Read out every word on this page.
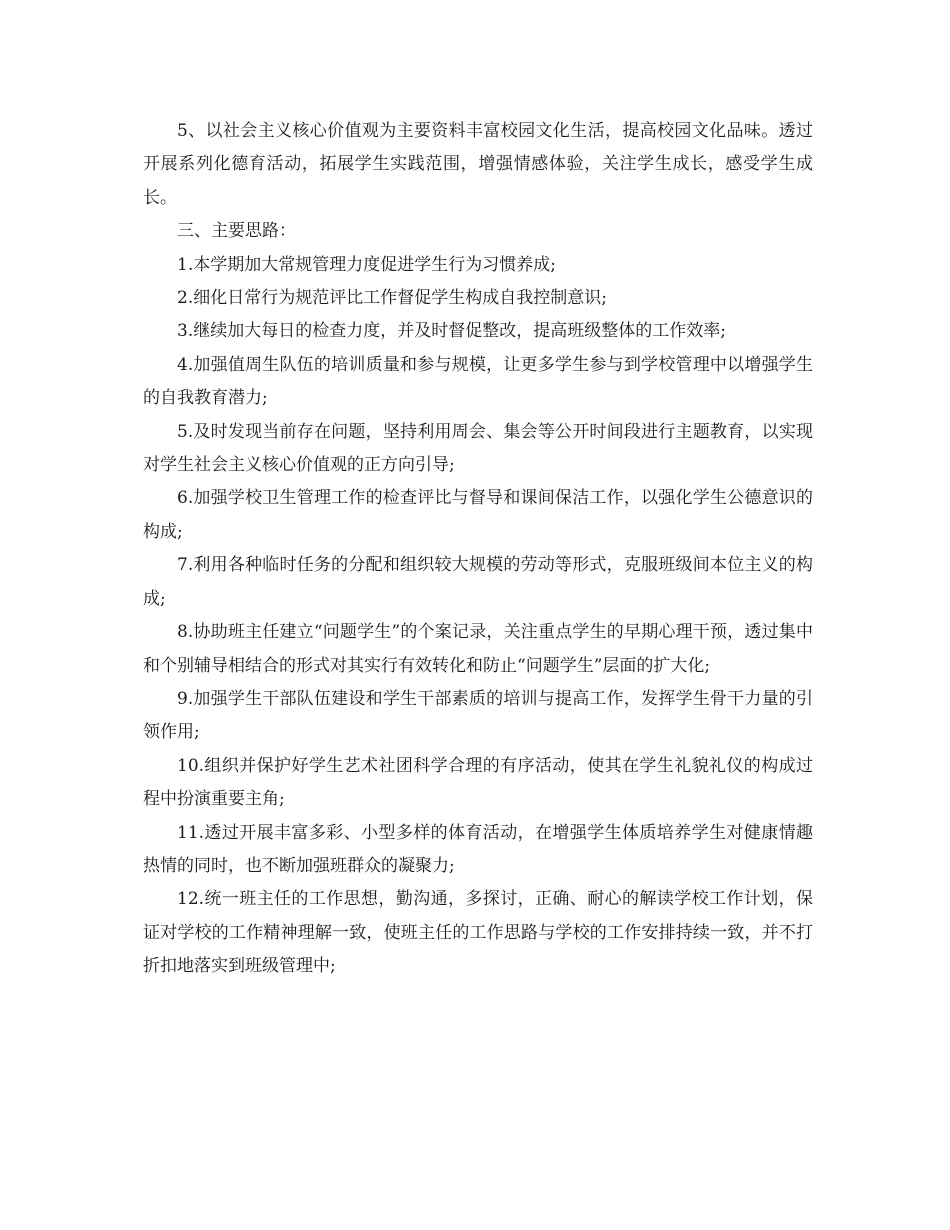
5、以社会主义核心价值观为主要资料丰富校园文化生活，提高校园文化品味。透过开展系列化德育活动，拓展学生实践范围，增强情感体验，关注学生成长，感受学生成长。

三、主要思路：

1.本学期加大常规管理力度促进学生行为习惯养成;

2.细化日常行为规范评比工作督促学生构成自我控制意识;

3.继续加大每日的检查力度，并及时督促整改，提高班级整体的工作效率;

4.加强值周生队伍的培训质量和参与规模，让更多学生参与到学校管理中以增强学生的自我教育潜力;

5.及时发现当前存在问题，坚持利用周会、集会等公开时间段进行主题教育，以实现对学生社会主义核心价值观的正方向引导;

6.加强学校卫生管理工作的检查评比与督导和课间保洁工作，以强化学生公德意识的构成;

7.利用各种临时任务的分配和组织较大规模的劳动等形式，克服班级间本位主义的构成;

8.协助班主任建立“问题学生”的个案记录，关注重点学生的早期心理干预，透过集中和个别辅导相结合的形式对其实行有效转化和防止“问题学生”层面的扩大化;

9.加强学生干部队伍建设和学生干部素质的培训与提高工作，发挥学生骨干力量的引领作用;

10.组织并保护好学生艺术社团科学合理的有序活动，使其在学生礼貌礼仪的构成过程中扮演重要主角;

11.透过开展丰富多彩、小型多样的体育活动，在增强学生体质培养学生对健康情趣热情的同时，也不断加强班群众的凝聚力;

12.统一班主任的工作思想，勤沟通，多探讨，正确、耐心的解读学校工作计划，保证对学校的工作精神理解一致，使班主任的工作思路与学校的工作安排持续一致，并不打折扣地落实到班级管理中;
